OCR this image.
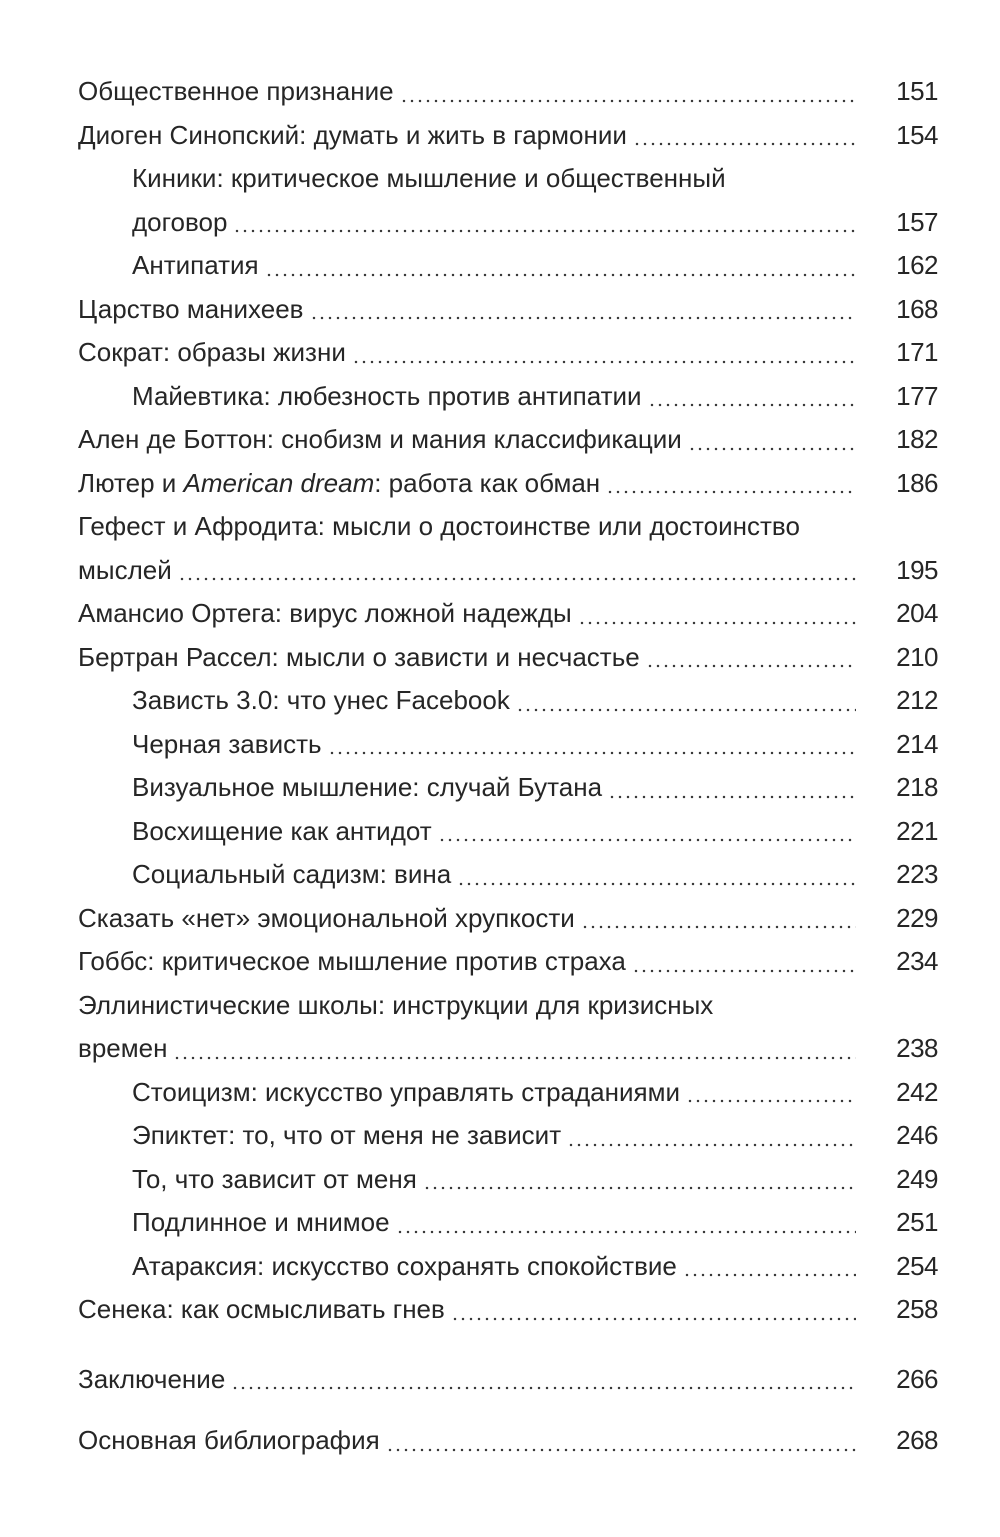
Общественное признание	151
Диоген Синопский: думать и жить в гармонии	154
Киники: критическое мышление и общественный
договор	157
Антипатия	162
Царство манихеев	168
Сократ: образы жизни	171
Майевтика: любезность против антипатии	177
Ален де Боттон: снобизм и мания классификации	182
Лютер и American dream: работа как обман	186
Гефест и Афродита: мысли о достоинстве или достоинство
мыслей	195
Амансио Ортега: вирус ложной надежды	204
Бертран Рассел: мысли о зависти и несчастье	210
Зависть 3.0: что унес Facebook	212
Черная зависть	214
Визуальное мышление: случай Бутана	218
Восхищение как антидот	221
Социальный садизм: вина	223
Сказать «нет» эмоциональной хрупкости	229
Гоббс: критическое мышление против страха	234
Эллинистические школы: инструкции для кризисных
времен	238
Стоицизм: искусство управлять страданиями	242
Эпиктет: то, что от меня не зависит	246
То, что зависит от меня	249
Подлинное и мнимое	251
Атараксия: искусство сохранять спокойствие	254
Сенека: как осмысливать гнев	258
Заключение	266
Основная библиография	268
